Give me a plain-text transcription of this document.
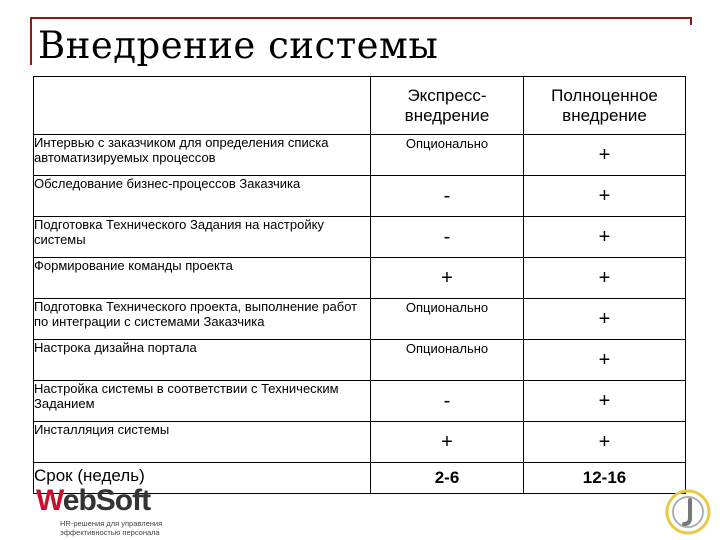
Внедрение системы
	Экспресс-внедрение	Полноценное внедрение
Интервью с заказчиком для определения списка автоматизируемых процессов	Опционально	+
Обследование бизнес-процессов Заказчика	-	+
Подготовка Технического Задания на настройку системы	-	+
Формирование команды проекта	+	+
Подготовка Технического проекта, выполнение работ по интеграции с системами Заказчика	Опционально	+
Настрока дизайна портала	Опционально	+
Настройка системы в соответствии с Техническим Заданием	-	+
Инсталляция системы	+	+
Срок (недель)	2-6	12-16
WebSoft
HR-решения для управления эффективностью персонала
